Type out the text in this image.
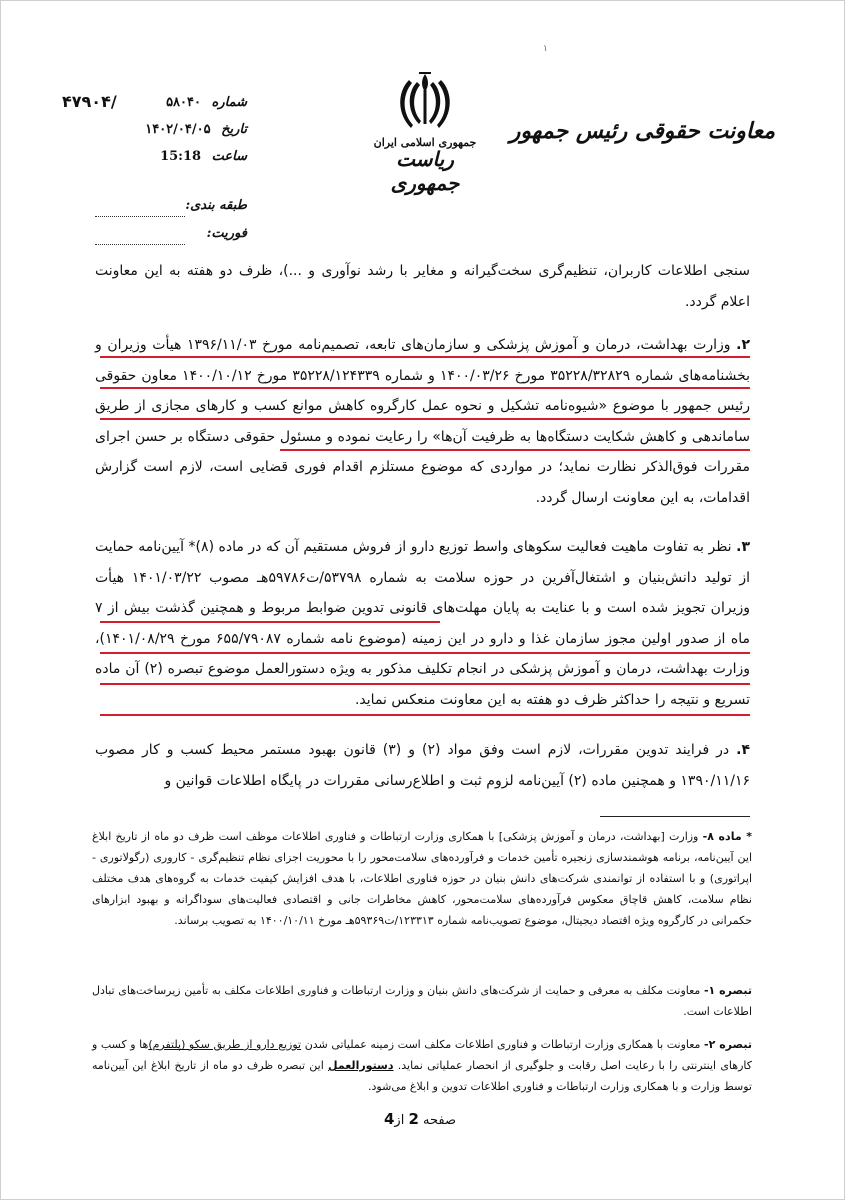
۱
معاونت حقوقی رئیس جمهور
جمهوری اسلامی ایران
ریاست جمهوری
۴۷۹۰۴/	شماره ۵۸۰۴۰
تاریخ ۱۴۰۲/۰۴/۰۵
ساعت 15:18
طبقه بندی:
فوریت:
سنجی اطلاعات کاربران، تنظیم‌گری سخت‌گیرانه و مغایر با رشد نوآوری و ...)، ظرف دو هفته به این معاونت اعلام گردد.
۲. وزارت بهداشت، درمان و آموزش پزشکی و سازمان‌های تابعه، تصمیم‌نامه مورخ ۱۳۹۶/۱۱/۰۳ هیأت وزیران و بخشنامه‌های شماره ۳۵۲۲۸/۳۲۸۲۹ مورخ ۱۴۰۰/۰۳/۲۶ و شماره ۳۵۲۲۸/۱۲۴۳۳۹ مورخ ۱۴۰۰/۱۰/۱۲ معاون حقوقی رئیس جمهور با موضوع «شیوه‌نامه تشکیل و نحوه عمل کارگروه کاهش موانع کسب و کارهای مجازی از طریق ساماندهی و کاهش شکایت دستگاه‌ها به ظرفیت آن‌ها» را رعایت نموده و مسئول حقوقی دستگاه بر حسن اجرای مقررات فوق‌الذکر نظارت نماید؛ در مواردی که موضوع مستلزم اقدام فوری قضایی است، لازم است گزارش اقدامات، به این معاونت ارسال گردد.
۳. نظر به تفاوت ماهیت فعالیت سکوهای واسط توزیع دارو از فروش مستقیم آن که در ماده (۸)* آیین‌نامه حمایت از تولید دانش‌بنیان و اشتغال‌آفرین در حوزه سلامت به شماره ۵۳۷۹۸/ت۵۹۷۸۶هـ مصوب ۱۴۰۱/۰۳/۲۲ هیأت وزیران تجویز شده است و با عنایت به پایان مهلت‌های قانونی تدوین ضوابط مربوط و همچنین گذشت بیش از ۷ ماه از صدور اولین مجوز سازمان غذا و دارو در این زمینه (موضوع نامه شماره ۶۵۵/۷۹۰۸۷ مورخ ۱۴۰۱/۰۸/۲۹)، وزارت بهداشت، درمان و آموزش پزشکی در انجام تکلیف مذکور به ویژه دستورالعمل موضوع تبصره (۲) آن ماده تسریع و نتیجه را حداکثر ظرف دو هفته به این معاونت منعکس نماید.
۴. در فرایند تدوین مقررات، لازم است وفق مواد (۲) و (۳) قانون بهبود مستمر محیط کسب و کار مصوب ۱۳۹۰/۱۱/۱۶ و همچنین ماده (۲) آیین‌نامه لزوم ثبت و اطلاع‌رسانی مقررات در پایگاه اطلاعات قوانین و
* ماده ۸- وزارت [بهداشت، درمان و آموزش پزشکی] با همکاری وزارت ارتباطات و فناوری اطلاعات موظف است ظرف دو ماه از تاریخ ابلاغ این آیین‌نامه، برنامه هوشمندسازی زنجیره تأمین خدمات و فرآورده‌های سلامت‌محور را با محوریت اجزای نظام تنظیم‌گری - کاروری (رگولاتوری - اپراتوری) و با استفاده از توانمندی شرکت‌های دانش بنیان در حوزه فناوری اطلاعات، با هدف افزایش کیفیت خدمات به گروه‌های هدف مختلف نظام سلامت، کاهش قاچاق معکوس فرآورده‌های سلامت‌محور، کاهش مخاطرات جانی و اقتصادی فعالیت‌های سوداگرانه و بهبود ابزارهای حکمرانی در کارگروه ویژه اقتصاد دیجیتال، موضوع تصویب‌نامه شماره ۱۲۳۳۱۳/ت۵۹۳۶۹هـ مورخ ۱۴۰۰/۱۰/۱۱ به تصویب برساند.
تبصره ۱- معاونت مکلف به معرفی و حمایت از شرکت‌های دانش بنیان و وزارت ارتباطات و فناوری اطلاعات مکلف به تأمین زیرساخت‌های تبادل اطلاعات است.
تبصره ۲- معاونت با همکاری وزارت ارتباطات و فناوری اطلاعات مکلف است زمینه عملیاتی شدن توزیع دارو از طریق سکو (پلتفرم)ها و کسب و کارهای اینترنتی را با رعایت اصل رقابت و جلوگیری از انحصار عملیاتی نماید. دستورالعمل این تبصره ظرف دو ماه از تاریخ ابلاغ این آیین‌نامه توسط وزارت و با همکاری وزارت ارتباطات و فناوری اطلاعات تدوین و ابلاغ می‌شود.
صفحه 2 از4
